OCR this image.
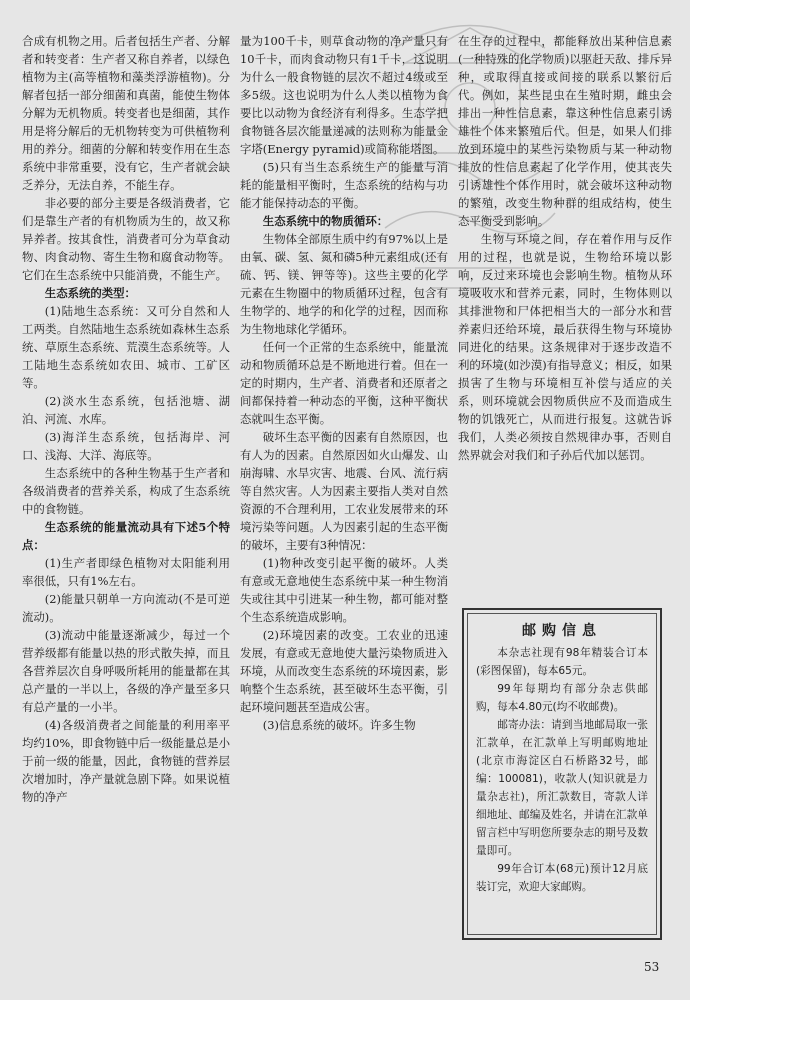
合成有机物之用。后者包括生产者、分解者和转变者：生产者又称自养者，以绿色植物为主(高等植物和藻类浮游植物)。分解者包括一部分细菌和真菌，能使生物体分解为无机物质。转变者也是细菌，其作用是将分解后的无机物转变为可供植物利用的养分。细菌的分解和转变作用在生态系统中非常重要，没有它，生产者就会缺乏养分，无法自养，不能生存。

非必要的部分主要是各级消费者，它们是靠生产者的有机物质为生的，故又称异养者。按其食性，消费者可分为草食动物、肉食动物、寄生生物和腐食动物等。它们在生态系统中只能消费，不能生产。

生态系统的类型：

(1)陆地生态系统：又可分自然和人工两类。自然陆地生态系统如森林生态系统、草原生态系统、荒漠生态系统等。人工陆地生态系统如农田、城市、工矿区等。

(2)淡水生态系统，包括池塘、湖泊、河流、水库。

(3)海洋生态系统，包括海岸、河口、浅海、大洋、海底等。

生态系统中的各种生物基于生产者和各级消费者的营养关系，构成了生态系统中的食物链。

生态系统的能量流动具有下述5个特点：

(1)生产者即绿色植物对太阳能利用率很低，只有1%左右。

(2)能量只朝单一方向流动(不是可逆流动)。

(3)流动中能量逐渐减少，每过一个营养级都有能量以热的形式散失掉，而且各营养层次自身呼吸所耗用的能量都在其总产量的一半以上，各级的净产量至多只有总产量的一小半。

(4)各级消费者之间能量的利用率平均约10%，即食物链中后一级能量总是小于前一级的能量，因此，食物链的营养层次增加时，净产量就急剧下降。如果说植物的净产

量为100千卡，则草食动物的净产量只有10千卡，而肉食动物只有1千卡，这说明为什么一般食物链的层次不超过4级或至多5级。这也说明为什么人类以植物为食要比以动物为食经济有利得多。生态学把食物链各层次能量递减的法则称为能量金字塔(Energy pyramid)或简称能塔图。

(5)只有当生态系统生产的能量与消耗的能量相平衡时，生态系统的结构与功能才能保持动态的平衡。

生态系统中的物质循环：

生物体全部原生质中约有97%以上是由氧、碳、氢、氮和磷5种元素组成(还有硫、钙、镁、钾等等)。这些主要的化学元素在生物圈中的物质循环过程，包含有生物学的、地学的和化学的过程，因而称为生物地球化学循环。

任何一个正常的生态系统中，能量流动和物质循环总是不断地进行着。但在一定的时期内，生产者、消费者和还原者之间都保持着一种动态的平衡，这种平衡状态就叫生态平衡。

破坏生态平衡的因素有自然原因，也有人为的因素。自然原因如火山爆发、山崩海啸、水旱灾害、地震、台风、流行病等自然灾害。人为因素主要指人类对自然资源的不合理利用，工农业发展带来的环境污染等问题。人为因素引起的生态平衡的破坏，主要有3种情况：

(1)物种改变引起平衡的破坏。人类有意或无意地使生态系统中某一种生物消失或往其中引进某一种生物，都可能对整个生态系统造成影响。

(2)环境因素的改变。工农业的迅速发展，有意或无意地使大量污染物质进入环境，从而改变生态系统的环境因素，影响整个生态系统，甚至破坏生态平衡，引起环境问题甚至造成公害。

(3)信息系统的破坏。许多生物

在生存的过程中，都能释放出某种信息素(一种特殊的化学物质)以驱赶天敌、排斥异种，或取得直接或间接的联系以繁衍后代。例如，某些昆虫在生殖时期，雌虫会排出一种性信息素，靠这种性信息素引诱雄性个体来繁殖后代。但是，如果人们排放到环境中的某些污染物质与某一种动物排放的性信息素起了化学作用，使其丧失引诱雄性个体作用时，就会破坏这种动物的繁殖，改变生物种群的组成结构，使生态平衡受到影响。

生物与环境之间，存在着作用与反作用的过程，也就是说，生物给环境以影响，反过来环境也会影响生物。植物从环境吸收水和营养元素，同时，生物体则以其排泄物和尸体把相当大的一部分水和营养素归还给环境，最后获得生物与环境协同进化的结果。这条规律对于逐步改造不利的环境(如沙漠)有指导意义；相反，如果损害了生物与环境相互补偿与适应的关系，则环境就会因物质供应不及而造成生物的饥饿死亡，从而进行报复。这就告诉我们，人类必须按自然规律办事，否则自然界就会对我们和子孙后代加以惩罚。

邮购信息

本杂志社现有98年精装合订本(彩图保留)，每本65元。

99年每期均有部分杂志供邮购，每本4.80元(均不收邮费)。

邮寄办法：请到当地邮局取一张汇款单，在汇款单上写明邮购地址(北京市海淀区白石桥路32号，邮编：100081)，收款人(知识就是力量杂志社)，所汇款数目，寄款人详细地址、邮编及姓名，并请在汇款单留言栏中写明您所要杂志的期号及数量即可。

99年合订本(68元)预计12月底装订完，欢迎大家邮购。

53
